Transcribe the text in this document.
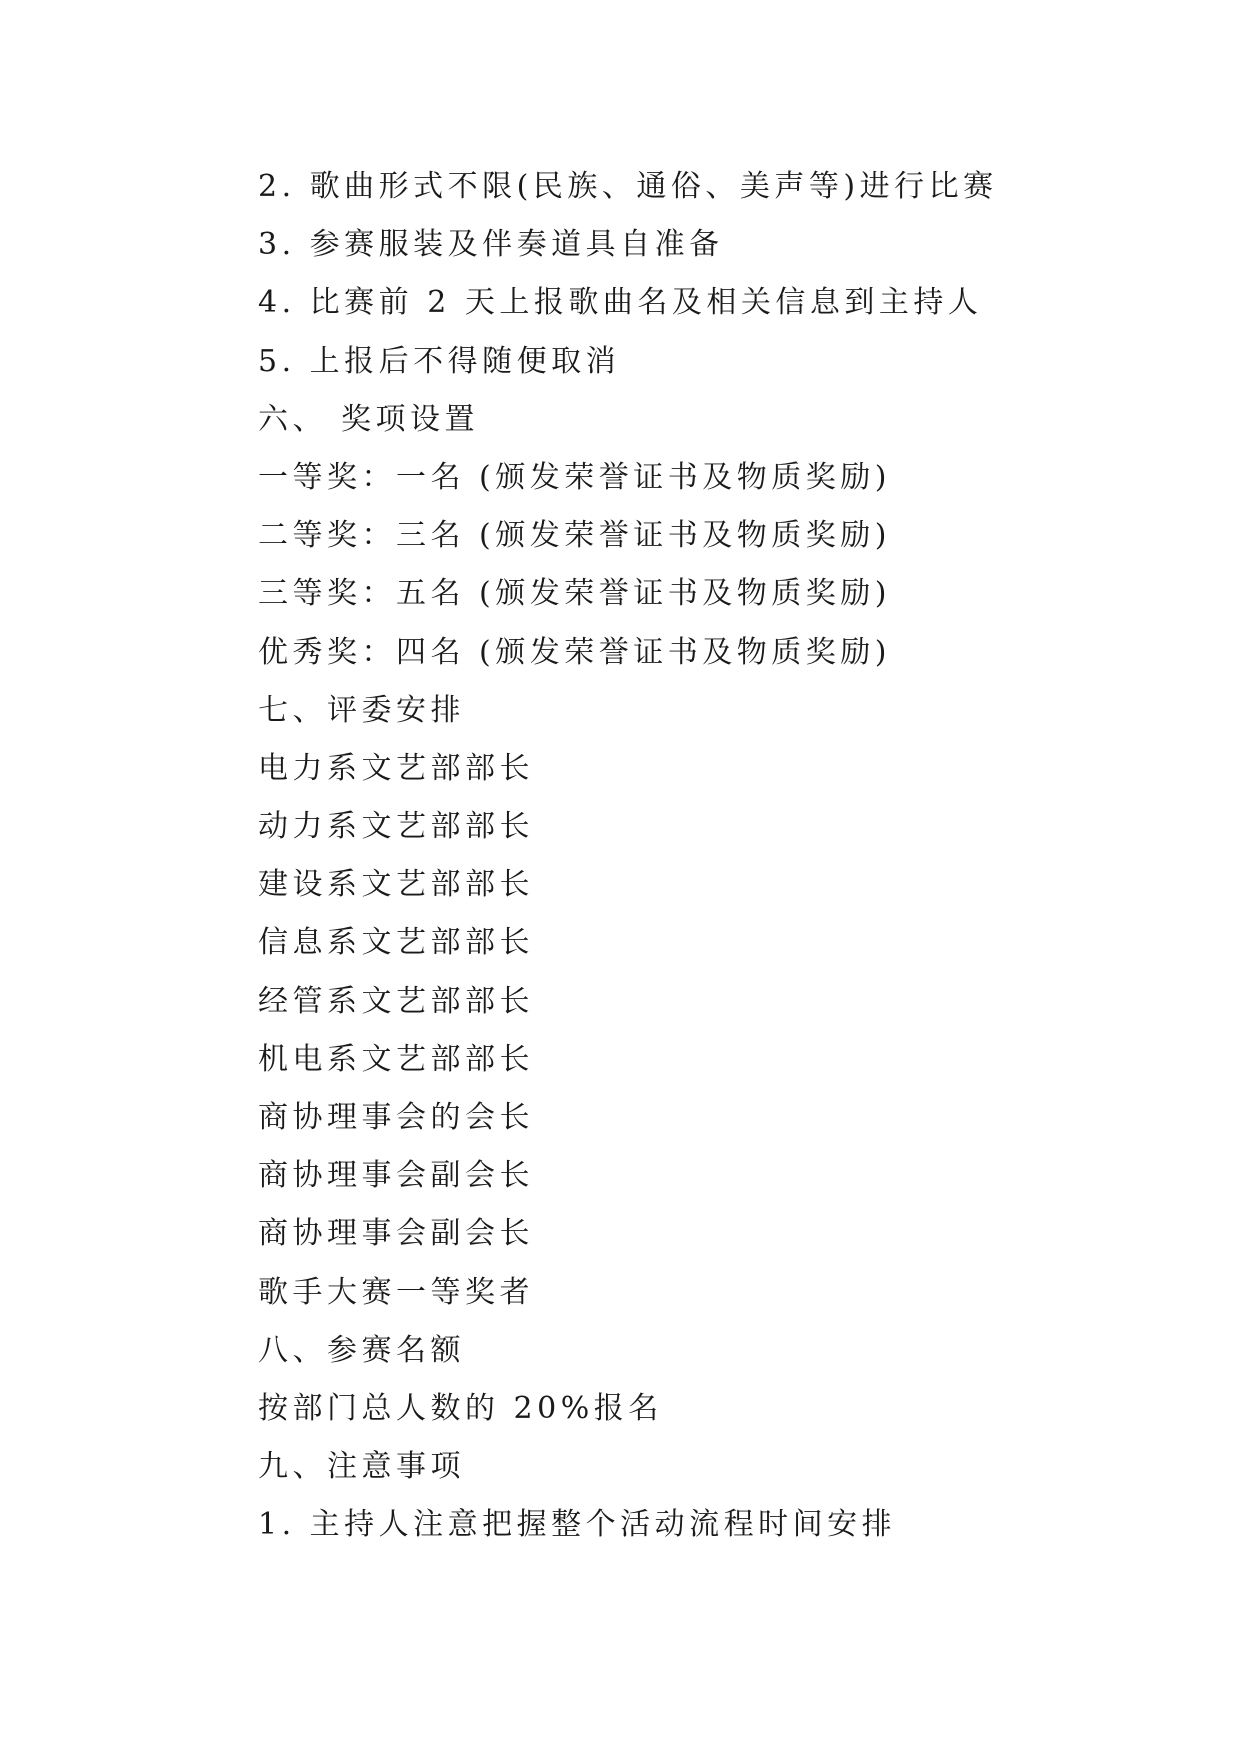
2. 歌曲形式不限(民族、通俗、美声等)进行比赛
3. 参赛服装及伴奏道具自准备
4. 比赛前 2 天上报歌曲名及相关信息到主持人
5. 上报后不得随便取消
六、 奖项设置
一等奖：一名 (颁发荣誉证书及物质奖励)
二等奖：三名 (颁发荣誉证书及物质奖励)
三等奖：五名 (颁发荣誉证书及物质奖励)
优秀奖：四名 (颁发荣誉证书及物质奖励)
七、评委安排
电力系文艺部部长
动力系文艺部部长
建设系文艺部部长
信息系文艺部部长
经管系文艺部部长
机电系文艺部部长
商协理事会的会长
商协理事会副会长
商协理事会副会长
歌手大赛一等奖者
八、参赛名额
按部门总人数的 20%报名
九、注意事项
1. 主持人注意把握整个活动流程时间安排
